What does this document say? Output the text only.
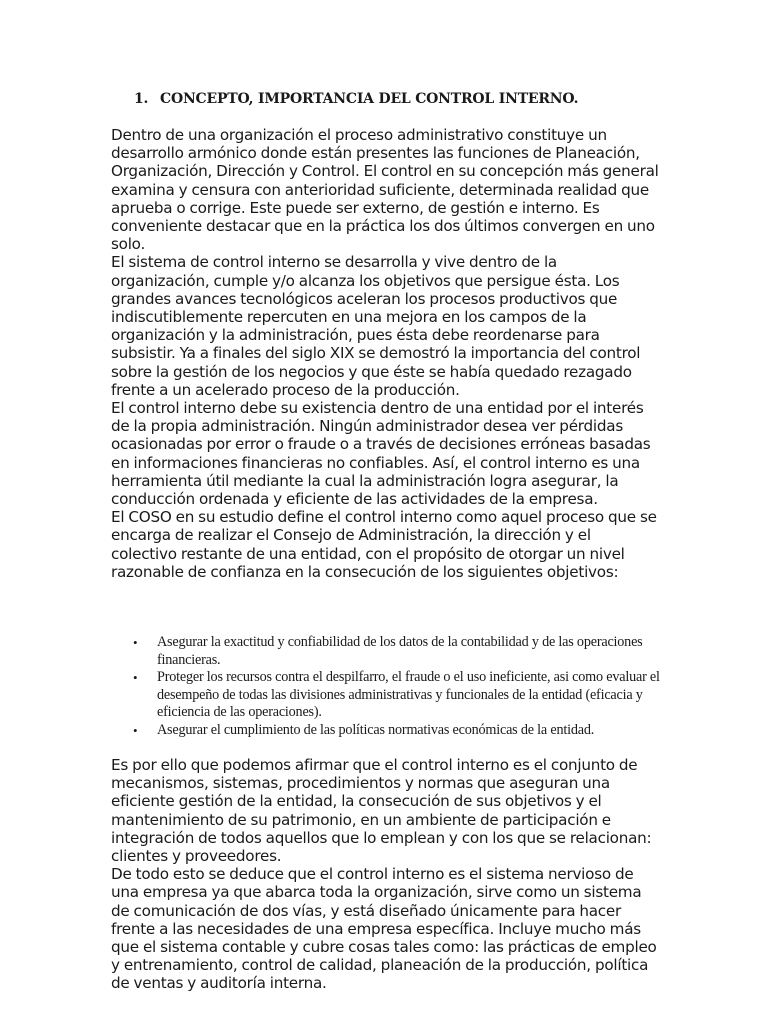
1. CONCEPTO, IMPORTANCIA DEL CONTROL INTERNO.

Dentro de una organización el proceso administrativo constituye un desarrollo armónico donde están presentes las funciones de Planeación, Organización, Dirección y Control. El control en su concepción más general examina y censura con anterioridad suficiente, determinada realidad que aprueba o corrige. Este puede ser externo, de gestión e interno. Es conveniente destacar que en la práctica los dos últimos convergen en uno solo.

El sistema de control interno se desarrolla y vive dentro de la organización, cumple y/o alcanza los objetivos que persigue ésta. Los grandes avances tecnológicos aceleran los procesos productivos que indiscutiblemente repercuten en una mejora en los campos de la organización y la administración, pues ésta debe reordenarse para subsistir. Ya a finales del siglo XIX se demostró la importancia del control sobre la gestión de los negocios y que éste se había quedado rezagado frente a un acelerado proceso de la producción.

El control interno debe su existencia dentro de una entidad por el interés de la propia administración. Ningún administrador desea ver pérdidas ocasionadas por error o fraude o a través de decisiones erróneas basadas en informaciones financieras no confiables. Así, el control interno es una herramienta útil mediante la cual la administración logra asegurar, la conducción ordenada y eficiente de las actividades de la empresa.

El COSO en su estudio define el control interno como aquel proceso que se encarga de realizar el Consejo de Administración, la dirección y el colectivo restante de una entidad, con el propósito de otorgar un nivel razonable de confianza en la consecución de los siguientes objetivos:

• Asegurar la exactitud y confiabilidad de los datos de la contabilidad y de las operaciones financieras.
• Proteger los recursos contra el despilfarro, el fraude o el uso ineficiente, asi como evaluar el desempeño de todas las divisiones administrativas y funcionales de la entidad (eficacia y eficiencia de las operaciones).
• Asegurar el cumplimiento de las políticas normativas económicas de la entidad.

Es por ello que podemos afirmar que el control interno es el conjunto de mecanismos, sistemas, procedimientos y normas que aseguran una eficiente gestión de la entidad, la consecución de sus objetivos y el mantenimiento de su patrimonio, en un ambiente de participación e integración de todos aquellos que lo emplean y con los que se relacionan: clientes y proveedores.

De todo esto se deduce que el control interno es el sistema nervioso de una empresa ya que abarca toda la organización, sirve como un sistema de comunicación de dos vías, y está diseñado únicamente para hacer frente a las necesidades de una empresa específica. Incluye mucho más que el sistema contable y cubre cosas tales como: las prácticas de empleo y entrenamiento, control de calidad, planeación de la producción, política de ventas y auditoría interna.
